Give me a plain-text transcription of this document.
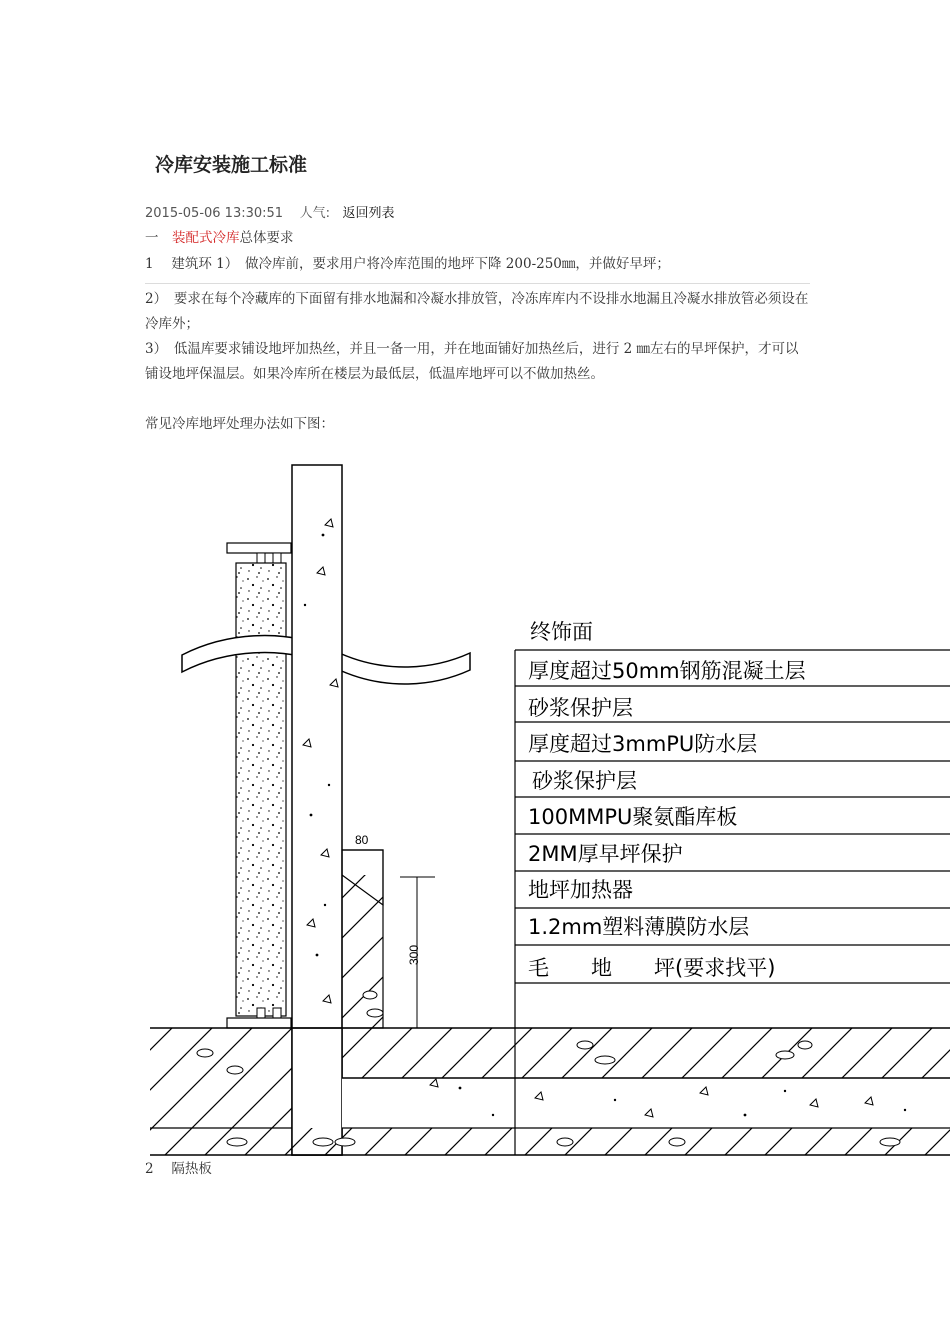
冷库安装施工标准
2015-05-06 13:30:51 人气: 返回列表
一　装配式冷库总体要求
1　 建筑环 1）　做冷库前，要求用户将冷库范围的地坪下降 200-250㎜，并做好早坪；
2）　要求在每个冷藏库的下面留有排水地漏和冷凝水排放管，冷冻库库内不设排水地漏且冷凝水排放管必须设在冷库外；
3）　低温库要求铺设地坪加热丝，并且一备一用，并在地面铺好加热丝后，进行 2 ㎜左右的早坪保护，才可以铺设地坪保温层。如果冷库所在楼层为最低层，低温库地坪可以不做加热丝。
常见冷库地坪处理办法如下图：
80
300
终饰面
厚度超过50mm钢筋混凝土层
砂浆保护层
厚度超过3mmPU防水层
砂浆保护层
100MMPU聚氨酯库板
2MM厚早坪保护
地坪加热器
1.2mm塑料薄膜防水层
毛　　地　　坪(要求找平)
2　 隔热板
